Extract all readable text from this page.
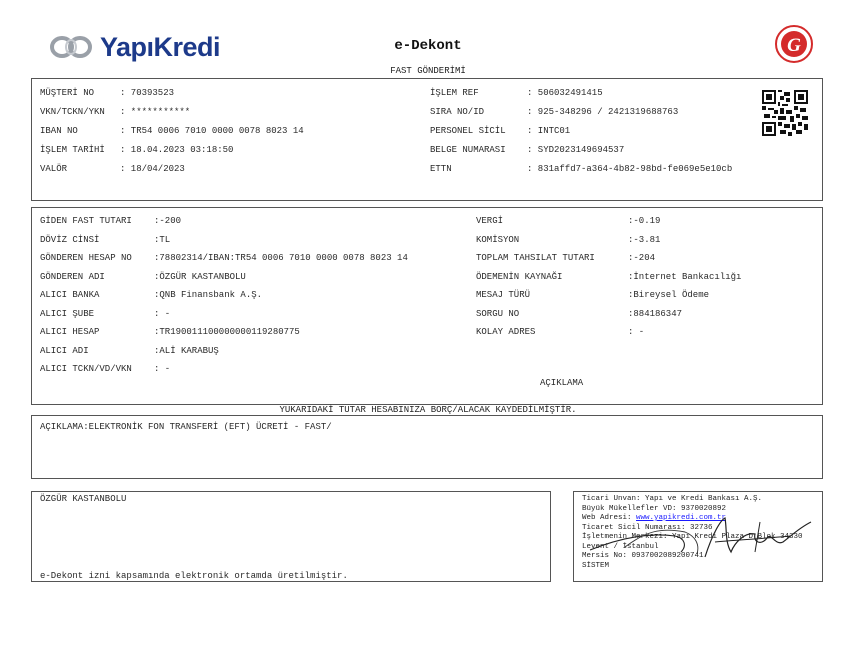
YapıKredi	e-Dekont	G
FAST GÖNDERİMİ
MÜŞTERİ NO	: 70393523
VKN/TCKN/YKN : ***********
IBAN NO	: TR54 0006 7010 0000 0078 8023 14
İŞLEM TARİHİ : 18.04.2023 03:18:50
VALÖR	: 18/04/2023
İŞLEM REF	: 506032491415
SIRA NO/ID	: 925-348296 / 2421319688763
PERSONEL SİCİL : INTC01
BELGE NUMARASI : SYD2023149694537
ETTN	: 831affd7-a364-4b82-98bd-fe069e5e10cb
GİDEN FAST TUTARI :-200
DÖVİZ CİNSİ	:TL
GÖNDEREN HESAP NO :78802314/IBAN:TR54 0006 7010 0000 0078 8023 14
GÖNDEREN ADI	:ÖZGÜR KASTANBOLU
ALICI BANKA	:QNB Finansbank A.Ş.
ALICI ŞUBE	: -
ALICI HESAP	:TR190011100000000119280775
ALICI ADI	:ALİ KARABUŞ
ALICI TCKN/VD/VKN : -
VERGİ	:-0.19
KOMİSYON	:-3.81
TOPLAM TAHSILAT TUTARI	:-204
ÖDEMENİN KAYNAĞI	:İnternet Bankacılığı
MESAJ TÜRÜ	:Bireysel Ödeme
SORGU NO	:884186347
KOLAY ADRES	: -
AÇIKLAMA
YUKARIDAKİ TUTAR HESABINIZA BORÇ/ALACAK KAYDEDİLMİŞTİR.
AÇIKLAMA:ELEKTRONİK FON TRANSFERİ (EFT) ÜCRETİ - FAST/
ÖZGÜR KASTANBOLU
e-Dekont izni kapsamında elektronik ortamda üretilmiştir.
Ticari Unvan: Yapı ve Kredi Bankası A.Ş.
Büyük Mükellefler VD: 9370020892
Web Adresi: www.yapikredi.com.tr
Ticaret Sicil Numarası: 32736
İşletmenin Merkezi: Yapı Kredi Plaza D Blok 34330
Levent / İstanbul
Mersis No: 0937002089200741
SİSTEM
